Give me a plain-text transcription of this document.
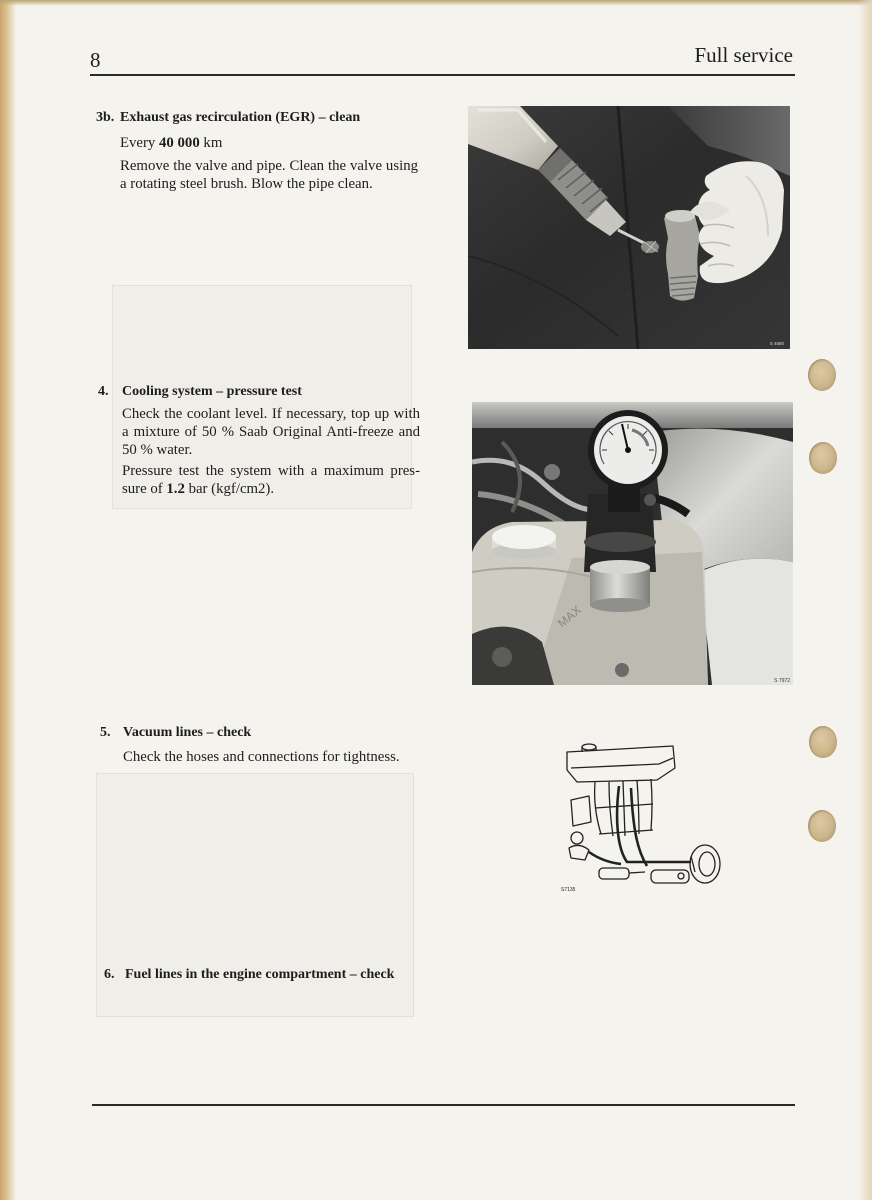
8	Full service
3b. Exhaust gas recirculation (EGR) – clean
Every 40 000 km
Remove the valve and pipe. Clean the valve using
a rotating steel brush. Blow the pipe clean.
S 4660
4. Cooling system – pressure test
Check the coolant level. If necessary, top up with
a mixture of 50 % Saab Original Anti-freeze and
50 % water.
Pressure test the system with a maximum pres-
sure of 1.2 bar (kgf/cm2).
MAX
S 7972
5. Vacuum lines – check
Check the hoses and connections for tightness.
S7135
6. Fuel lines in the engine compartment – check
